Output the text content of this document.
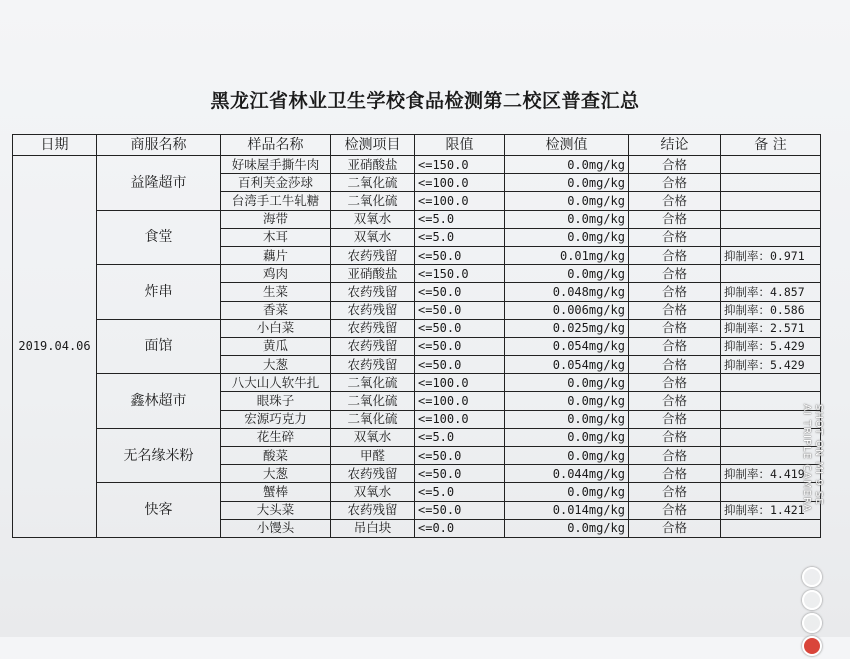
黑龙江省林业卫生学校食品检测第二校区普查汇总
日期	商服名称	样品名称	检测项目	限值	检测值	结论	备 注
2019.04.06	益隆超市	好味屋手撕牛肉	亚硝酸盐	<=150.0	0.0mg/kg	合格	
		百利芙金莎球	二氧化硫	<=100.0	0.0mg/kg	合格	
		台湾手工牛轧糖	二氧化硫	<=100.0	0.0mg/kg	合格	
	食堂	海带	双氧水	<=5.0	0.0mg/kg	合格	
		木耳	双氧水	<=5.0	0.0mg/kg	合格	
		藕片	农药残留	<=50.0	0.01mg/kg	合格	抑制率：0.971
	炸串	鸡肉	亚硝酸盐	<=150.0	0.0mg/kg	合格	
		生菜	农药残留	<=50.0	0.048mg/kg	合格	抑制率：4.857
		香菜	农药残留	<=50.0	0.006mg/kg	合格	抑制率：0.586
	面馆	小白菜	农药残留	<=50.0	0.025mg/kg	合格	抑制率：2.571
		黄瓜	农药残留	<=50.0	0.054mg/kg	合格	抑制率：5.429
		大葱	农药残留	<=50.0	0.054mg/kg	合格	抑制率：5.429
	鑫林超市	八大山人软牛扎	二氧化硫	<=100.0	0.0mg/kg	合格	
		眼珠子	二氧化硫	<=100.0	0.0mg/kg	合格	
		宏源巧克力	二氧化硫	<=100.0	0.0mg/kg	合格	
	无名缘米粉	花生碎	双氧水	<=5.0	0.0mg/kg	合格	
		酸菜	甲醛	<=50.0	0.0mg/kg	合格	
		大葱	农药残留	<=50.0	0.044mg/kg	合格	抑制率：4.419
	快客	蟹棒	双氧水	<=5.0	0.0mg/kg	合格	
		大头菜	农药残留	<=50.0	0.014mg/kg	合格	抑制率：1.421
		小馒头	吊白块	<=0.0	0.0mg/kg	合格	
SHOT ON MI 9 SE
AI TRIPLE CAMERA
